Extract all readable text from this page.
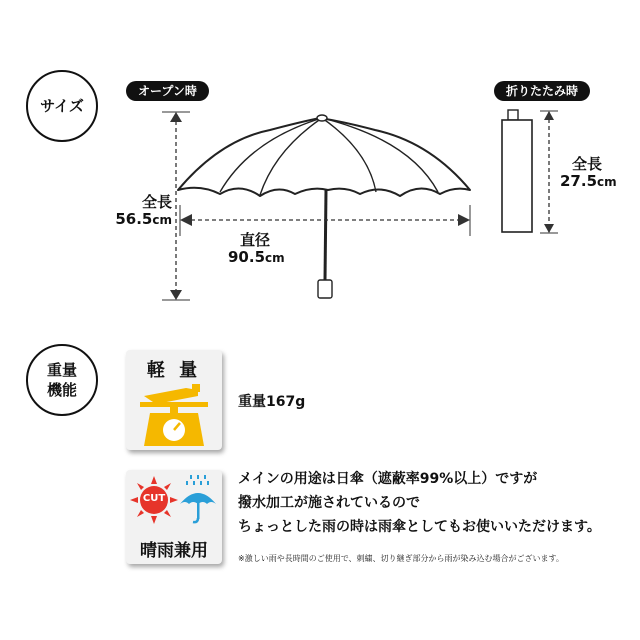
サイズ
オープン時	折りたたみ時
全長
56.5cm
直径
90.5cm
全長
27.5cm
重量
機能
軽 量
重量167g
CUT
晴雨兼用
メインの用途は日傘（遮蔽率99%以上）ですが
撥水加工が施されているので
ちょっとした雨の時は雨傘としてもお使いいただけます。
※激しい雨や長時間のご使用で、刺繍、切り継ぎ部分から雨が染み込む場合がございます。
